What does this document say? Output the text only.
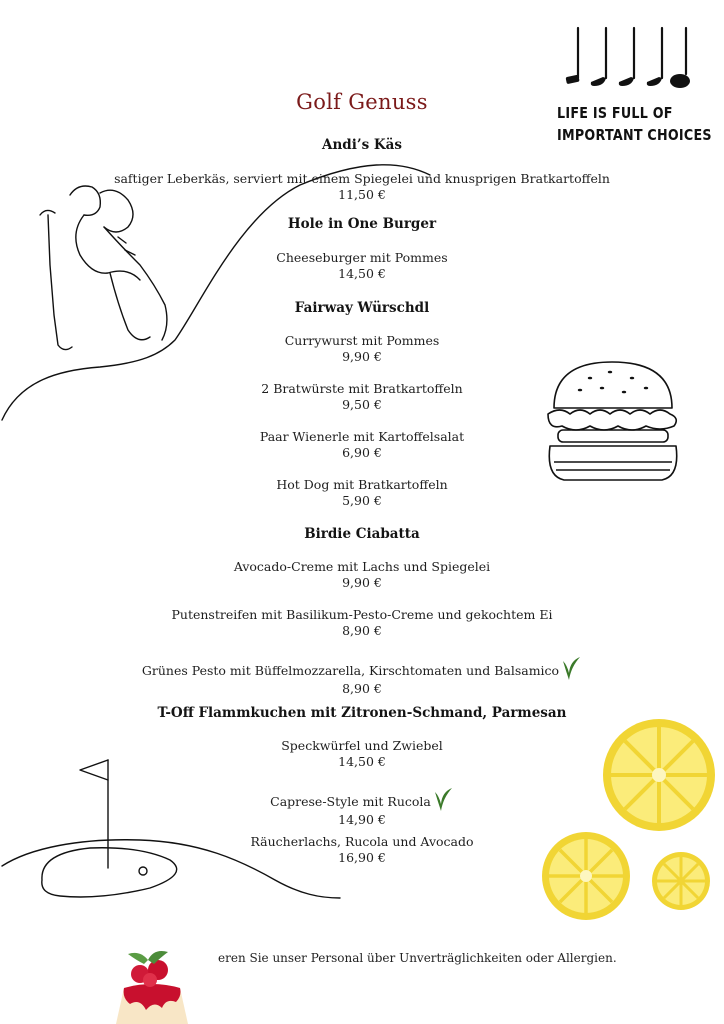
LIFE IS FULL OF
IMPORTANT CHOICES
Golf Genuss
Andi’s Käs
saftiger Leberkäs, serviert mit einem Spiegelei und knusprigen Bratkartoffeln
11,50 €
Hole in One Burger
Cheeseburger mit Pommes
14,50 €
Fairway Würschdl
Currywurst mit Pommes
9,90 €
2 Bratwürste mit Bratkartoffeln
9,50 €
Paar Wienerle mit Kartoffelsalat
6,90 €
Hot Dog mit Bratkartoffeln
5,90 €
Birdie Ciabatta
Avocado-Creme mit Lachs und Spiegelei
9,90 €
Putenstreifen mit Basilikum-Pesto-Creme und gekochtem Ei
8,90 €
Grünes Pesto mit Büffelmozzarella, Kirschtomaten und Balsamico
8,90 €
T-Off Flammkuchen mit Zitronen-Schmand, Parmesan
Speckwürfel und Zwiebel
14,50 €
Caprese-Style mit Rucola
14,90 €
Räucherlachs, Rucola und Avocado
16,90 €
eren Sie unser Personal über Unverträglichkeiten oder Allergien.
